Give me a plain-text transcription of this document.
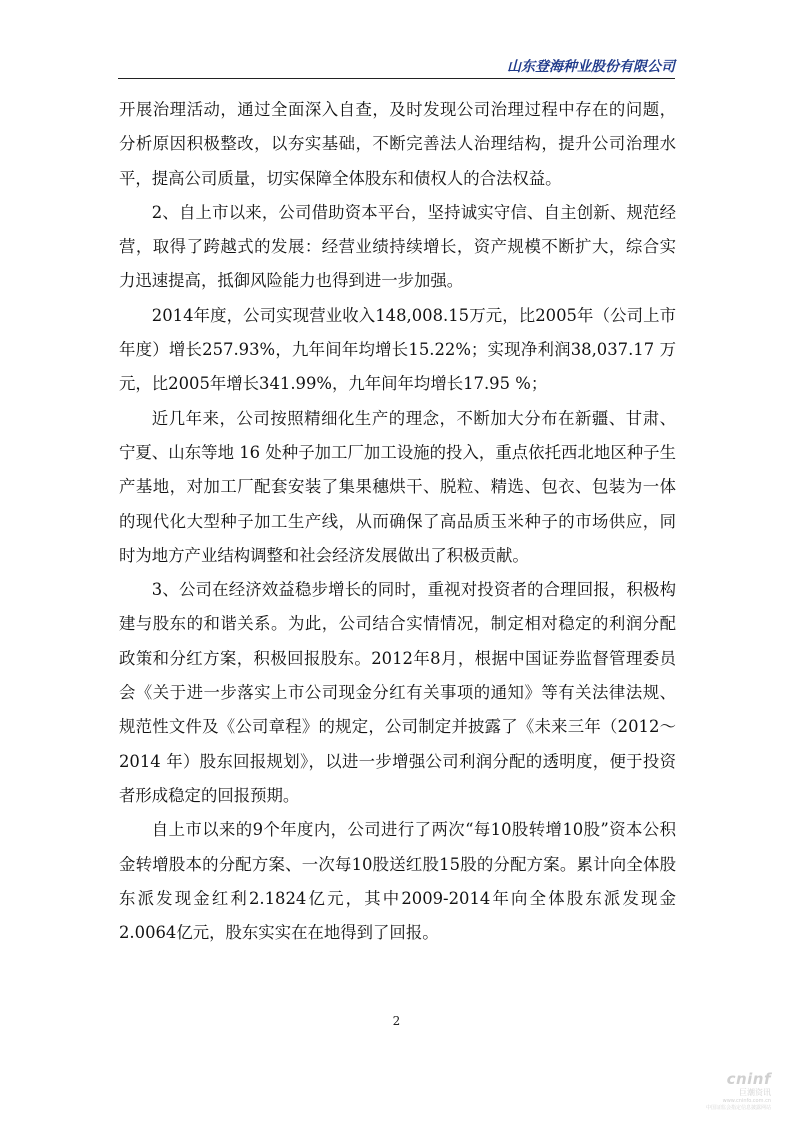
山东登海种业股份有限公司

开展治理活动，通过全面深入自查，及时发现公司治理过程中存在的问题，分析原因积极整改，以夯实基础，不断完善法人治理结构，提升公司治理水平，提高公司质量，切实保障全体股东和债权人的合法权益。

2、自上市以来，公司借助资本平台，坚持诚实守信、自主创新、规范经营，取得了跨越式的发展：经营业绩持续增长，资产规模不断扩大，综合实力迅速提高，抵御风险能力也得到进一步加强。

2014年度，公司实现营业收入148,008.15万元，比2005年（公司上市年度）增长257.93%，九年间年均增长15.22%；实现净利润38,037.17 万元，比2005年增长341.99%，九年间年均增长17.95 %；

近几年来，公司按照精细化生产的理念，不断加大分布在新疆、甘肃、宁夏、山东等地 16 处种子加工厂加工设施的投入，重点依托西北地区种子生产基地，对加工厂配套安装了集果穗烘干、脱粒、精选、包衣、包装为一体的现代化大型种子加工生产线，从而确保了高品质玉米种子的市场供应，同时为地方产业结构调整和社会经济发展做出了积极贡献。

3、公司在经济效益稳步增长的同时，重视对投资者的合理回报，积极构建与股东的和谐关系。为此，公司结合实情情况，制定相对稳定的利润分配政策和分红方案，积极回报股东。2012年8月，根据中国证券监督管理委员会《关于进一步落实上市公司现金分红有关事项的通知》等有关法律法规、规范性文件及《公司章程》的规定，公司制定并披露了《未来三年（2012～2014 年）股东回报规划》，以进一步增强公司利润分配的透明度，便于投资者形成稳定的回报预期。

自上市以来的9个年度内，公司进行了两次“每10股转增10股”资本公积金转增股本的分配方案、一次每10股送红股15股的分配方案。累计向全体股东派发现金红利2.1824亿元，其中2009-2014年向全体股东派发现金 2.0064亿元，股东实实在在地得到了回报。

2
cninf
巨潮资讯
www.cninfo.com.cn
中国证监会指定信息披露网站
